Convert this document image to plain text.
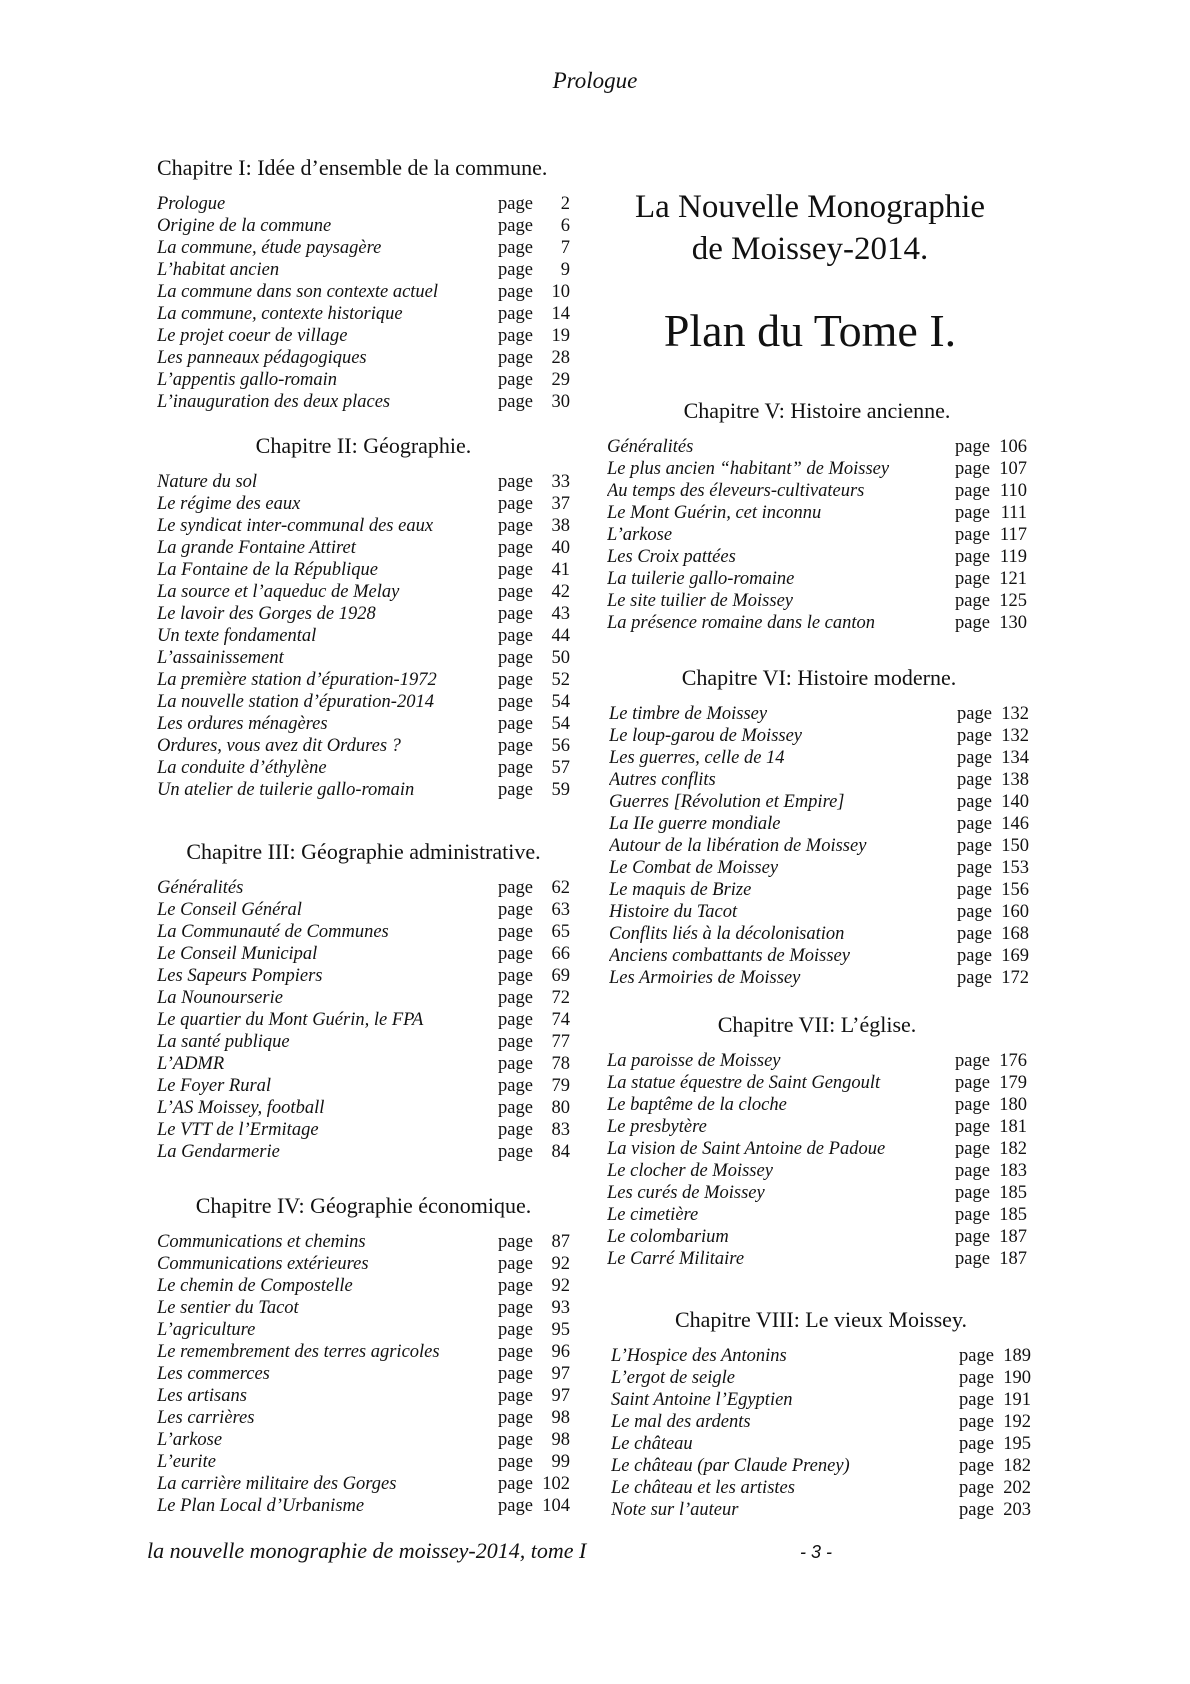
Prologue
Chapitre I: Idée d’ensemble de la commune.
Prologue	page	2
Origine de la commune	page	6
La commune, étude paysagère	page	7
L’habitat ancien	page	9
La commune dans son contexte actuel	page	10
La commune, contexte historique	page	14
Le projet coeur de village	page	19
Les panneaux pédagogiques	page	28
L’appentis gallo-romain	page	29
L’inauguration des deux places	page	30
Chapitre II: Géographie.
Nature du sol	page	33
Le régime des eaux	page	37
Le syndicat inter-communal des eaux	page	38
La grande Fontaine Attiret	page	40
La Fontaine de la République	page	41
La source et l’aqueduc de Melay	page	42
Le lavoir des Gorges de 1928	page	43
Un texte fondamental	page	44
L’assainissement	page	50
La première station d’épuration-1972	page	52
La nouvelle station d’épuration-2014	page	54
Les ordures ménagères	page	54
Ordures, vous avez dit Ordures ?	page	56
La conduite d’éthylène	page	57
Un atelier de tuilerie gallo-romain	page	59
Chapitre III: Géographie administrative.
Généralités	page	62
Le Conseil Général	page	63
La Communauté de Communes	page	65
Le Conseil Municipal	page	66
Les Sapeurs Pompiers	page	69
La Nounourserie	page	72
Le quartier du Mont Guérin, le FPA	page	74
La santé publique	page	77
L’ADMR	page	78
Le Foyer Rural	page	79
L’AS Moissey, football	page	80
Le VTT de l’Ermitage	page	83
La Gendarmerie	page	84
Chapitre IV: Géographie économique.
Communications et chemins	page	87
Communications extérieures	page	92
Le chemin de Compostelle	page	92
Le sentier du Tacot	page	93
L’agriculture	page	95
Le remembrement des terres agricoles	page	96
Les commerces	page	97
Les artisans	page	97
Les carrières	page	98
L’arkose	page	98
L’eurite	page	99
La carrière militaire des Gorges	page 102
Le Plan Local d’Urbanisme	page 104
La Nouvelle Monographie
de Moissey-2014.
Plan du Tome I.
Chapitre V: Histoire ancienne.
Généralités	page 106
Le plus ancien “habitant” de Moissey	page 107
Au temps des éleveurs-cultivateurs	page 110
Le Mont Guérin, cet inconnu	page 111
L’arkose	page 117
Les Croix pattées	page 119
La tuilerie gallo-romaine	page 121
Le site tuilier de Moissey	page 125
La présence romaine dans le canton	page 130
Chapitre VI: Histoire moderne.
Le timbre de Moissey	page 132
Le loup-garou de Moissey	page 132
Les guerres, celle de 14	page 134
Autres conflits	page 138
Guerres [Révolution et Empire]	page 140
La IIe guerre mondiale	page 146
Autour de la libération de Moissey	page 150
Le Combat de Moissey	page 153
Le maquis de Brize	page 156
Histoire du Tacot	page 160
Conflits liés à la décolonisation	page 168
Anciens combattants de Moissey	page 169
Les Armoiries de Moissey	page 172
Chapitre VII: L’église.
La paroisse de Moissey	page 176
La statue équestre de Saint Gengoult	page 179
Le baptême de la cloche	page 180
Le presbytère	page 181
La vision de Saint Antoine de Padoue	page 182
Le clocher de Moissey	page 183
Les curés de Moissey	page 185
Le cimetière	page 185
Le colombarium	page 187
Le Carré Militaire	page 187
Chapitre VIII: Le vieux Moissey.
L’Hospice des Antonins	page 189
L’ergot de seigle	page 190
Saint Antoine l’Egyptien	page 191
Le mal des ardents	page 192
Le château	page 195
Le château (par Claude Preney)	page 182
Le château et les artistes	page 202
Note sur l’auteur	page 203
la nouvelle monographie de moissey-2014, tome I	- 3 -
